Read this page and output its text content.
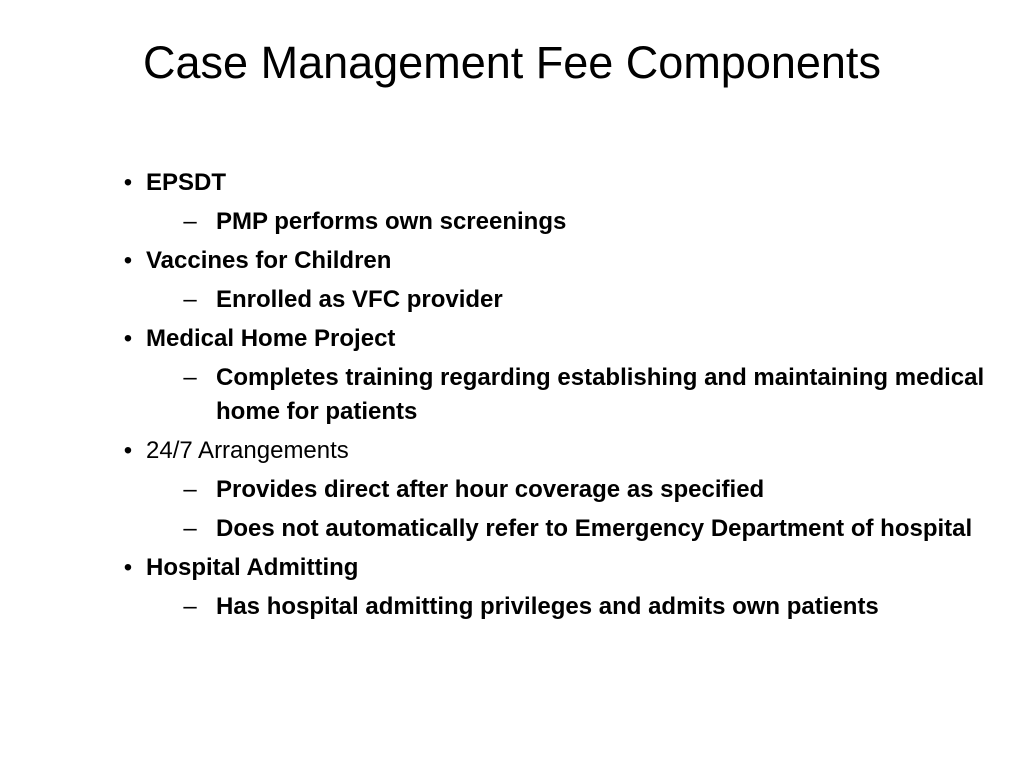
Case Management Fee Components
• EPSDT
– PMP performs own screenings
• Vaccines for Children
– Enrolled as VFC provider
• Medical Home Project
– Completes training regarding establishing and maintaining medical home for patients
• 24/7 Arrangements
– Provides direct after hour coverage as specified
– Does not automatically refer to Emergency Department of hospital
• Hospital Admitting
– Has hospital admitting privileges and admits own patients
